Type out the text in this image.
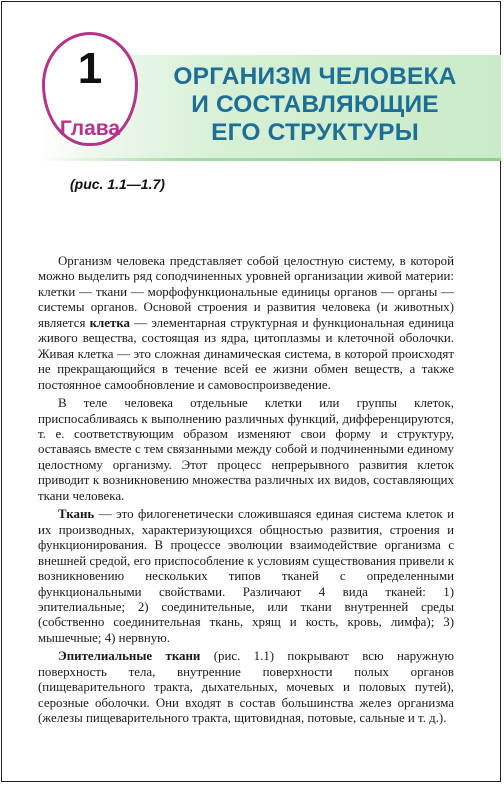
1
Глава
ОРГАНИЗМ ЧЕЛОВЕКА
И СОСТАВЛЯЮЩИЕ
ЕГО СТРУКТУРЫ
(рис. 1.1—1.7)

Организм человека представляет собой целостную систему, в которой можно выделить ряд соподчиненных уровней организации живой материи: клетки — ткани — морфофункциональные единицы органов — органы — системы органов. Основой строения и развития человека (и животных) является клетка — элементарная структурная и функциональная единица живого вещества, состоящая из ядра, цитоплазмы и клеточной оболочки. Живая клетка — это сложная динамическая система, в которой происходят не прекращающийся в течение всей ее жизни обмен веществ, а также постоянное самообновление и самовоспроизведение.

В теле человека отдельные клетки или группы клеток, приспосабливаясь к выполнению различных функций, дифференцируются, т. е. соответствующим образом изменяют свои форму и структуру, оставаясь вместе с тем связанными между собой и подчиненными единому целостному организму. Этот процесс непрерывного развития клеток приводит к возникновению множества различных их видов, составляющих ткани человека.

Ткань — это филогенетически сложившаяся единая система клеток и их производных, характеризующихся общностью развития, строения и функционирования. В процессе эволюции взаимодействие организма с внешней средой, его приспособление к условиям существования привели к возникновению нескольких типов тканей с определенными функциональными свойствами. Различают 4 вида тканей: 1) эпителиальные; 2) соединительные, или ткани внутренней среды (собственно соединительная ткань, хрящ и кость, кровь, лимфа); 3) мышечные; 4) нервную.

Эпителиальные ткани (рис. 1.1) покрывают всю наружную поверхность тела, внутренние поверхности полых органов (пищеварительного тракта, дыхательных, мочевых и половых путей), серозные оболочки. Они входят в состав большинства желез организма (железы пищеварительного тракта, щитовидная, потовые, сальные и т. д.).
